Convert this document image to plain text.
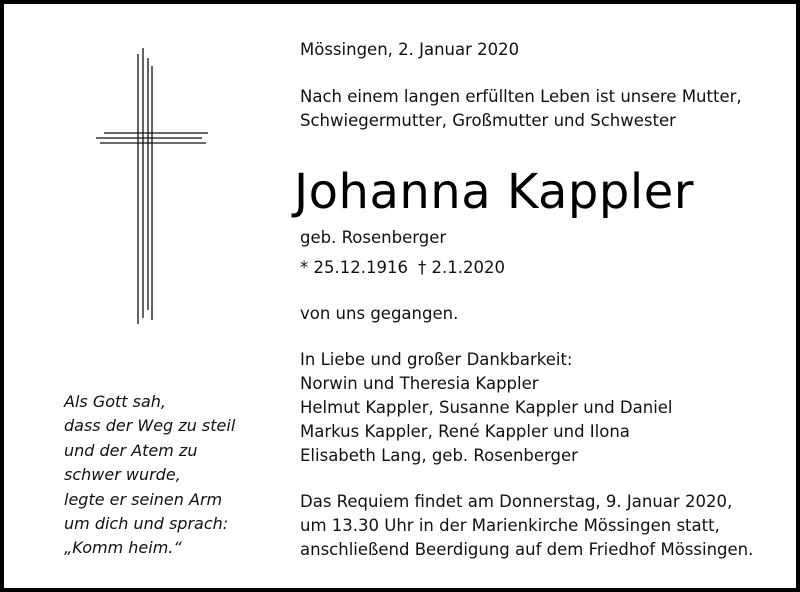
Mössingen, 2. Januar 2020
Nach einem langen erfüllten Leben ist unsere Mutter,
Schwiegermutter, Großmutter und Schwester
Johanna Kappler
geb. Rosenberger
* 25.12.1916 † 2.1.2020
von uns gegangen.
In Liebe und großer Dankbarkeit:
Norwin und Theresia Kappler
Helmut Kappler, Susanne Kappler und Daniel
Markus Kappler, René Kappler und Ilona
Elisabeth Lang, geb. Rosenberger
Das Requiem findet am Donnerstag, 9. Januar 2020,
um 13.30 Uhr in der Marienkirche Mössingen statt,
anschließend Beerdigung auf dem Friedhof Mössingen.
Als Gott sah,
dass der Weg zu steil
und der Atem zu
schwer wurde,
legte er seinen Arm
um dich und sprach:
„Komm heim.“
